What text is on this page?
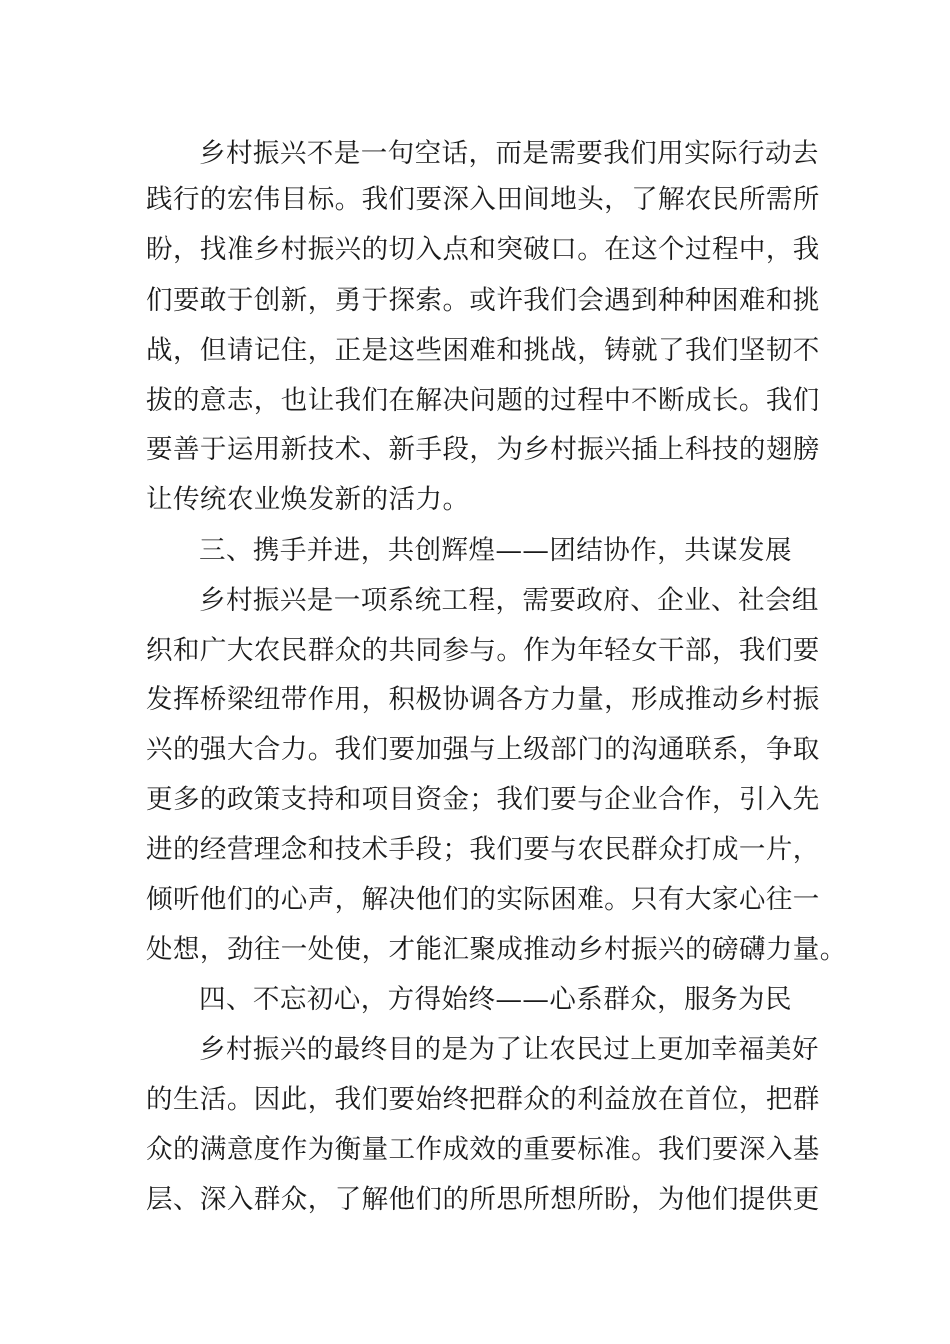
乡村振兴不是一句空话，而是需要我们用实际行动去
践行的宏伟目标。我们要深入田间地头，了解农民所需所
盼，找准乡村振兴的切入点和突破口。在这个过程中，我
们要敢于创新，勇于探索。或许我们会遇到种种困难和挑
战，但请记住，正是这些困难和挑战，铸就了我们坚韧不
拔的意志，也让我们在解决问题的过程中不断成长。我们
要善于运用新技术、新手段，为乡村振兴插上科技的翅膀
让传统农业焕发新的活力。
三、携手并进，共创辉煌——团结协作，共谋发展
乡村振兴是一项系统工程，需要政府、企业、社会组
织和广大农民群众的共同参与。作为年轻女干部，我们要
发挥桥梁纽带作用，积极协调各方力量，形成推动乡村振
兴的强大合力。我们要加强与上级部门的沟通联系，争取
更多的政策支持和项目资金；我们要与企业合作，引入先
进的经营理念和技术手段；我们要与农民群众打成一片，
倾听他们的心声，解决他们的实际困难。只有大家心往一
处想，劲往一处使，才能汇聚成推动乡村振兴的磅礴力量。
四、不忘初心，方得始终——心系群众，服务为民
乡村振兴的最终目的是为了让农民过上更加幸福美好
的生活。因此，我们要始终把群众的利益放在首位，把群
众的满意度作为衡量工作成效的重要标准。我们要深入基
层、深入群众，了解他们的所思所想所盼，为他们提供更
